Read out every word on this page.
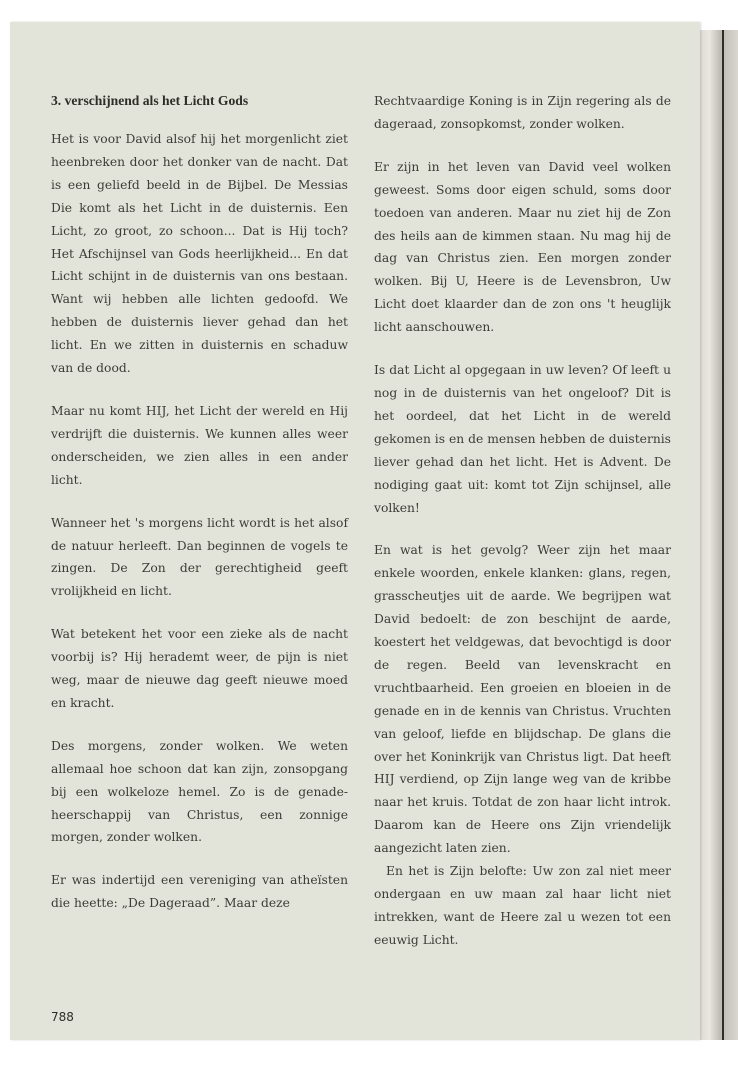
3. verschijnend als het Licht Gods

Het is voor David alsof hij het morgenlicht ziet heenbreken door het donker van de nacht. Dat is een geliefd beeld in de Bijbel. De Messias Die komt als het Licht in de duisternis. Een Licht, zo groot, zo schoon... Dat is Hij toch? Het Afschijnsel van Gods heerlijkheid... En dat Licht schijnt in de duisternis van ons bestaan. Want wij hebben alle lichten gedoofd. We hebben de duisternis liever gehad dan het licht. En we zitten in duisternis en schaduw van de dood.

Maar nu komt HIJ, het Licht der wereld en Hij verdrijft die duisternis. We kunnen alles weer onderscheiden, we zien alles in een ander licht.

Wanneer het 's morgens licht wordt is het alsof de natuur herleeft. Dan beginnen de vogels te zingen. De Zon der gerechtigheid geeft vrolijkheid en licht.

Wat betekent het voor een zieke als de nacht voorbij is? Hij herademt weer, de pijn is niet weg, maar de nieuwe dag geeft nieuwe moed en kracht.

Des morgens, zonder wolken. We weten allemaal hoe schoon dat kan zijn, zonsopgang bij een wolkeloze hemel. Zo is de genade-heerschappij van Christus, een zonnige morgen, zonder wolken.

Er was indertijd een vereniging van atheïsten die heette: „De Dageraad”. Maar deze

Rechtvaardige Koning is in Zijn regering als de dageraad, zonsopkomst, zonder wolken.

Er zijn in het leven van David veel wolken geweest. Soms door eigen schuld, soms door toedoen van anderen. Maar nu ziet hij de Zon des heils aan de kimmen staan. Nu mag hij de dag van Christus zien. Een morgen zonder wolken. Bij U, Heere is de Levensbron, Uw Licht doet klaarder dan de zon ons 't heuglijk licht aanschouwen.

Is dat Licht al opgegaan in uw leven? Of leeft u nog in de duisternis van het ongeloof? Dit is het oordeel, dat het Licht in de wereld gekomen is en de mensen hebben de duisternis liever gehad dan het licht. Het is Advent. De nodiging gaat uit: komt tot Zijn schijnsel, alle volken!

En wat is het gevolg? Weer zijn het maar enkele woorden, enkele klanken: glans, regen, grasscheutjes uit de aarde. We begrijpen wat David bedoelt: de zon beschijnt de aarde, koestert het veldgewas, dat bevochtigd is door de regen. Beeld van levenskracht en vruchtbaarheid. Een groeien en bloeien in de genade en in de kennis van Christus. Vruchten van geloof, liefde en blijdschap. De glans die over het Koninkrijk van Christus ligt. Dat heeft HIJ verdiend, op Zijn lange weg van de kribbe naar het kruis. Totdat de zon haar licht introk. Daarom kan de Heere ons Zijn vriendelijk aangezicht laten zien.

En het is Zijn belofte: Uw zon zal niet meer ondergaan en uw maan zal haar licht niet intrekken, want de Heere zal u wezen tot een eeuwig Licht.

788
